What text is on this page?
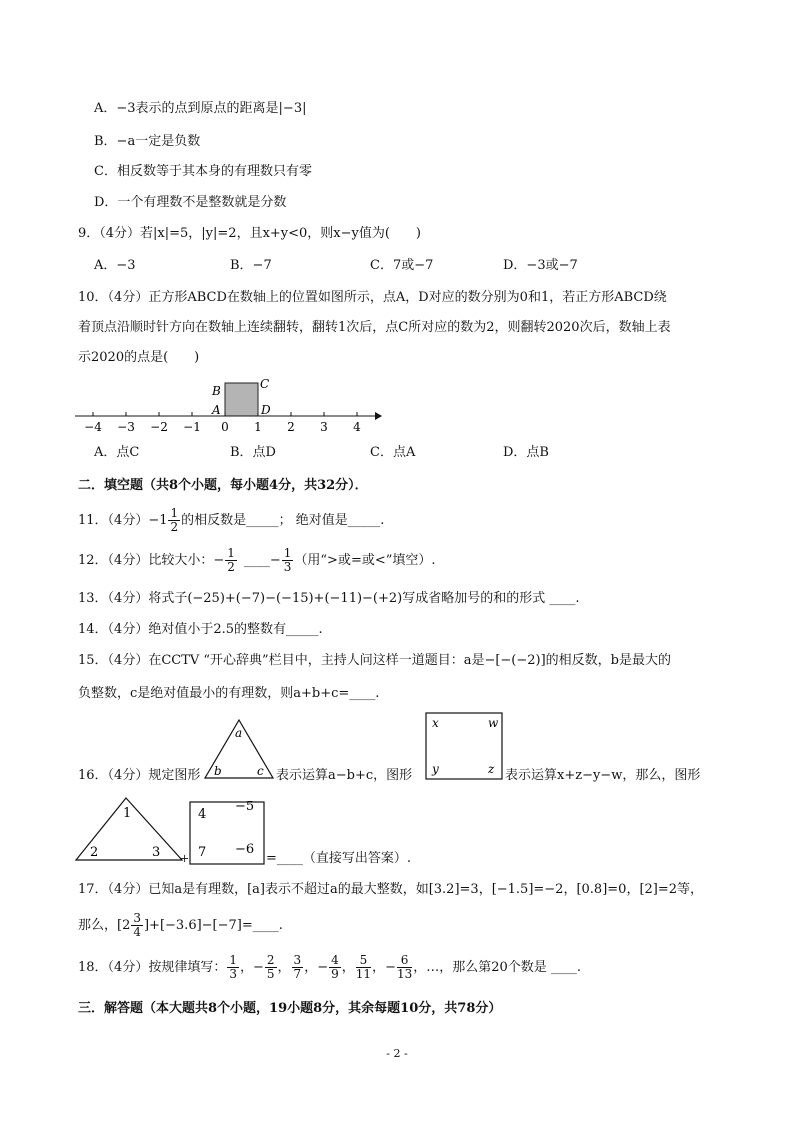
A．−3表示的点到原点的距离是|−3|
B．−a一定是负数
C．相反数等于其本身的有理数只有零
D．一个有理数不是整数就是分数
9．（4分）若|x|=5，|y|=2，且x+y<0，则x−y值为(　　)
A．−3	B．−7	C．7或−7	D．−3或−7
10．（4分）正方形ABCD在数轴上的位置如图所示，点A，D对应的数分别为0和1，若正方形ABCD绕
着顶点沿顺时针方向在数轴上连续翻转，翻转1次后，点C所对应的数为2，则翻转2020次后，数轴上表
示2020的点是(　　)
−4 −3 −2 −1 0 1 2 3 4
B	C
A	D
A．点C	B．点D	C．点A	D．点B
二．填空题（共8个小题，每小题4分，共32分）．
11．（4分）$-1 \frac{1}{2}$ 的相反数是_____； 绝对值是_____.
12．（4分）比较大小：− $\frac{1}{2}$ ____− $\frac{1}{3}$ （用“>或=或<”填空）.
13．（4分）将式子(−25)+(−7)−(−15)+(−11)−(+2)写成省略加号的和的形式 ____.
14．（4分）绝对值小于2.5的整数有_____.
15．（4分）在CCTV “开心辞典”栏目中，主持人问这样一道题目：a是−[−(−2)]的相反数，b是最大的
负整数，c是绝对值最小的有理数，则a+b+c=____.
16．（4分）规定图形
a
b	c 表示运算a−b+c，图形
x	w
y	z 表示运算x+z−y−w，那么，图形
1
2	3 +
4
−5
7 −6
=____（直接写出答案）.
17．（4分）已知a是有理数，[a]表示不超过a的最大整数，如[3.2]=3，[−1.5]=−2，[0.8]=0，[2]=2等，
那么，[$2 \frac{3}{4}$ ]+[−3.6]−[−7]=____.
18．（4分）按规律填写： $\frac{1}{3}$ ，− $\frac{2}{5}$ ， $\frac{3}{7}$ ，− $\frac{4}{9}$ ， $\frac{5}{11}$ ，− $\frac{6}{13}$ ，…，那么第20个数是 ____.
三．解答题（本大题共8个小题，19小题8分，其余每题10分，共78分）
- 2 -
